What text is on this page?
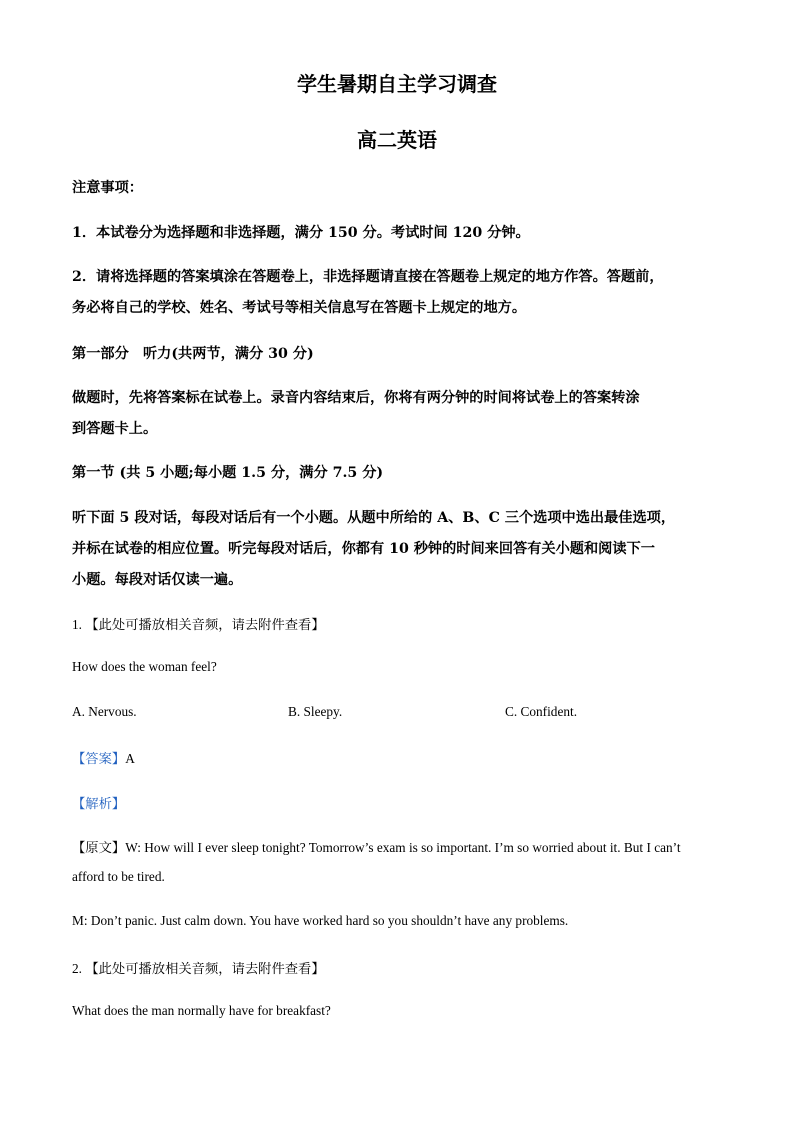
学生暑期自主学习调查
高二英语
注意事项：
1．本试卷分为选择题和非选择题，满分 150 分。考试时间 120 分钟。
2．请将选择题的答案填涂在答题卷上，非选择题请直接在答题卷上规定的地方作答。答题前，
务必将自己的学校、姓名、考试号等相关信息写在答题卡上规定的地方。
第一部分　听力(共两节，满分 30 分)
做题时，先将答案标在试卷上。录音内容结束后，你将有两分钟的时间将试卷上的答案转涂
到答题卡上。
第一节 (共 5 小题;每小题 1.5 分，满分 7.5 分)
听下面 5 段对话，每段对话后有一个小题。从题中所给的 A、B、C 三个选项中选出最佳选项，
并标在试卷的相应位置。听完每段对话后，你都有 10 秒钟的时间来回答有关小题和阅读下一
小题。每段对话仅读一遍。
1. 【此处可播放相关音频，请去附件查看】
How does the woman feel?
A. Nervous.	B. Sleepy.	C. Confident.
【答案】A
【解析】
【原文】W: How will I ever sleep tonight? Tomorrow’s exam is so important. I’m so worried about it. But I can’t
afford to be tired.
M: Don’t panic. Just calm down. You have worked hard so you shouldn’t have any problems.
2. 【此处可播放相关音频，请去附件查看】
What does the man normally have for breakfast?
